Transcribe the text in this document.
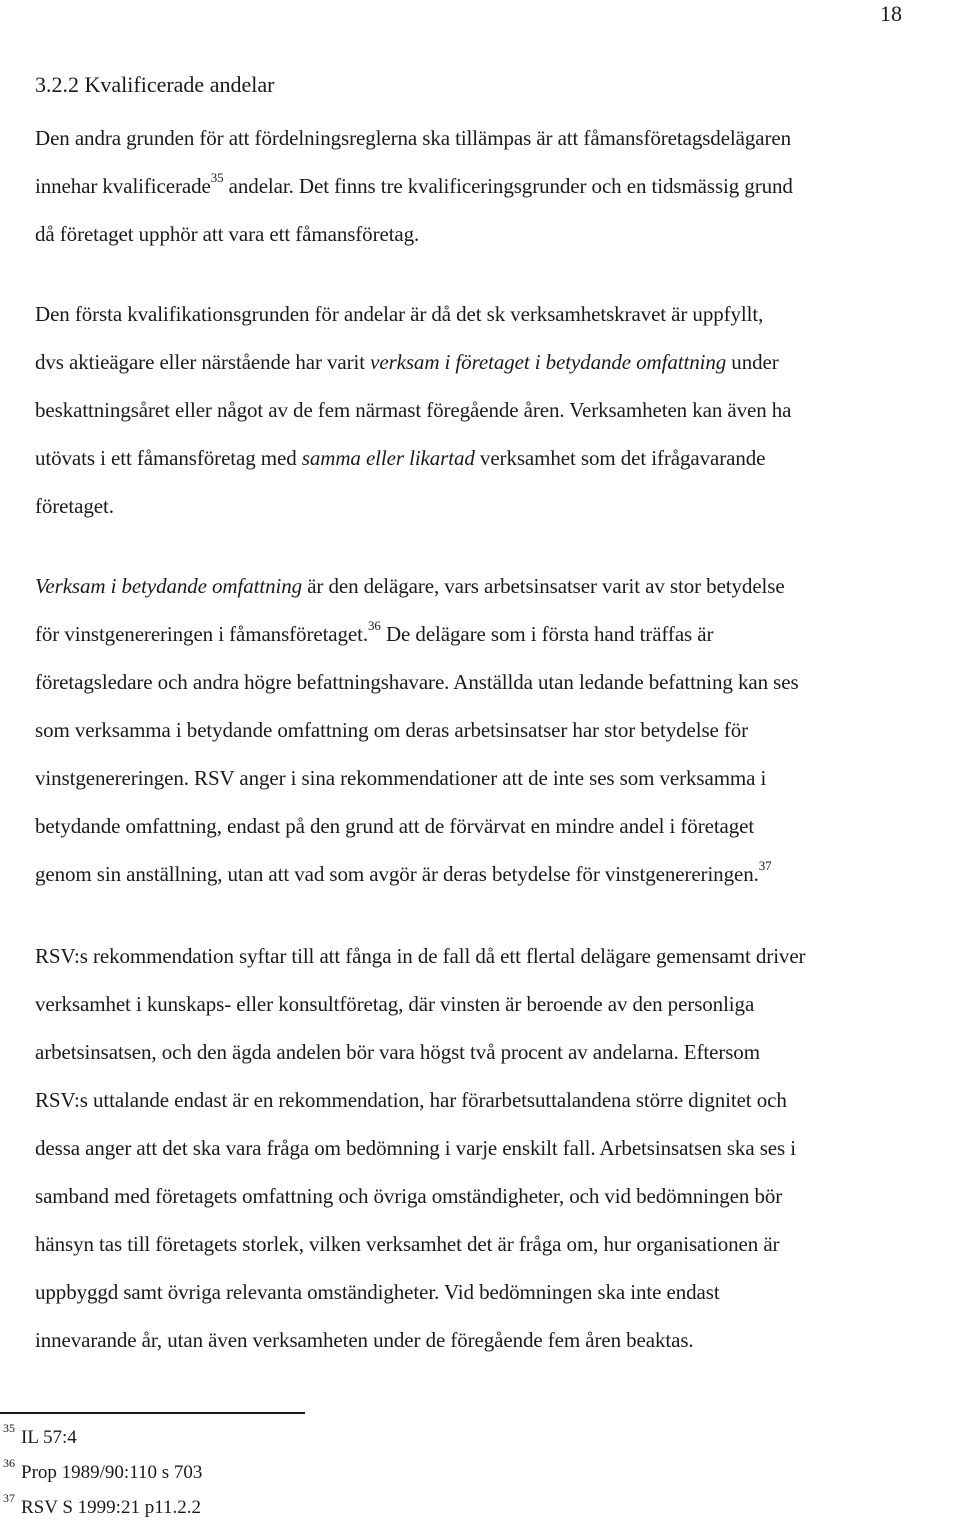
18
3.2.2 Kvalificerade andelar
Den andra grunden för att fördelningsreglerna ska tillämpas är att fåmansföretagsdelägaren
innehar kvalificerade$^{35}$ andelar. Det finns tre kvalificeringsgrunder och en tidsmässig grund
då företaget upphör att vara ett fåmansföretag.
Den första kvalifikationsgrunden för andelar är då det sk verksamhetskravet är uppfyllt,
dvs aktieägare eller närstående har varit verksam i företaget i betydande omfattning under
beskattningsåret eller något av de fem närmast föregående åren. Verksamheten kan även ha
utövats i ett fåmansföretag med samma eller likartad verksamhet som det ifrågavarande
företaget.
Verksam i betydande omfattning är den delägare, vars arbetsinsatser varit av stor betydelse
för vinstgenereringen i fåmansföretaget.$^{36}$ De delägare som i första hand träffas är
företagsledare och andra högre befattningshavare. Anställda utan ledande befattning kan ses
som verksamma i betydande omfattning om deras arbetsinsatser har stor betydelse för
vinstgenereringen. RSV anger i sina rekommendationer att de inte ses som verksamma i
betydande omfattning, endast på den grund att de förvärvat en mindre andel i företaget
genom sin anställning, utan att vad som avgör är deras betydelse för vinstgenereringen.$^{37}$
RSV:s rekommendation syftar till att fånga in de fall då ett flertal delägare gemensamt driver
verksamhet i kunskaps- eller konsultföretag, där vinsten är beroende av den personliga
arbetsinsatsen, och den ägda andelen bör vara högst två procent av andelarna. Eftersom
RSV:s uttalande endast är en rekommendation, har förarbetsuttalandena större dignitet och
dessa anger att det ska vara fråga om bedömning i varje enskilt fall. Arbetsinsatsen ska ses i
samband med företagets omfattning och övriga omständigheter, och vid bedömningen bör
hänsyn tas till företagets storlek, vilken verksamhet det är fråga om, hur organisationen är
uppbyggd samt övriga relevanta omständigheter. Vid bedömningen ska inte endast
innevarande år, utan även verksamheten under de föregående fem åren beaktas.
$^{35}$ IL 57:4
$^{36}$ Prop 1989/90:110 s 703
$^{37}$ RSV S 1999:21 p11.2.2
